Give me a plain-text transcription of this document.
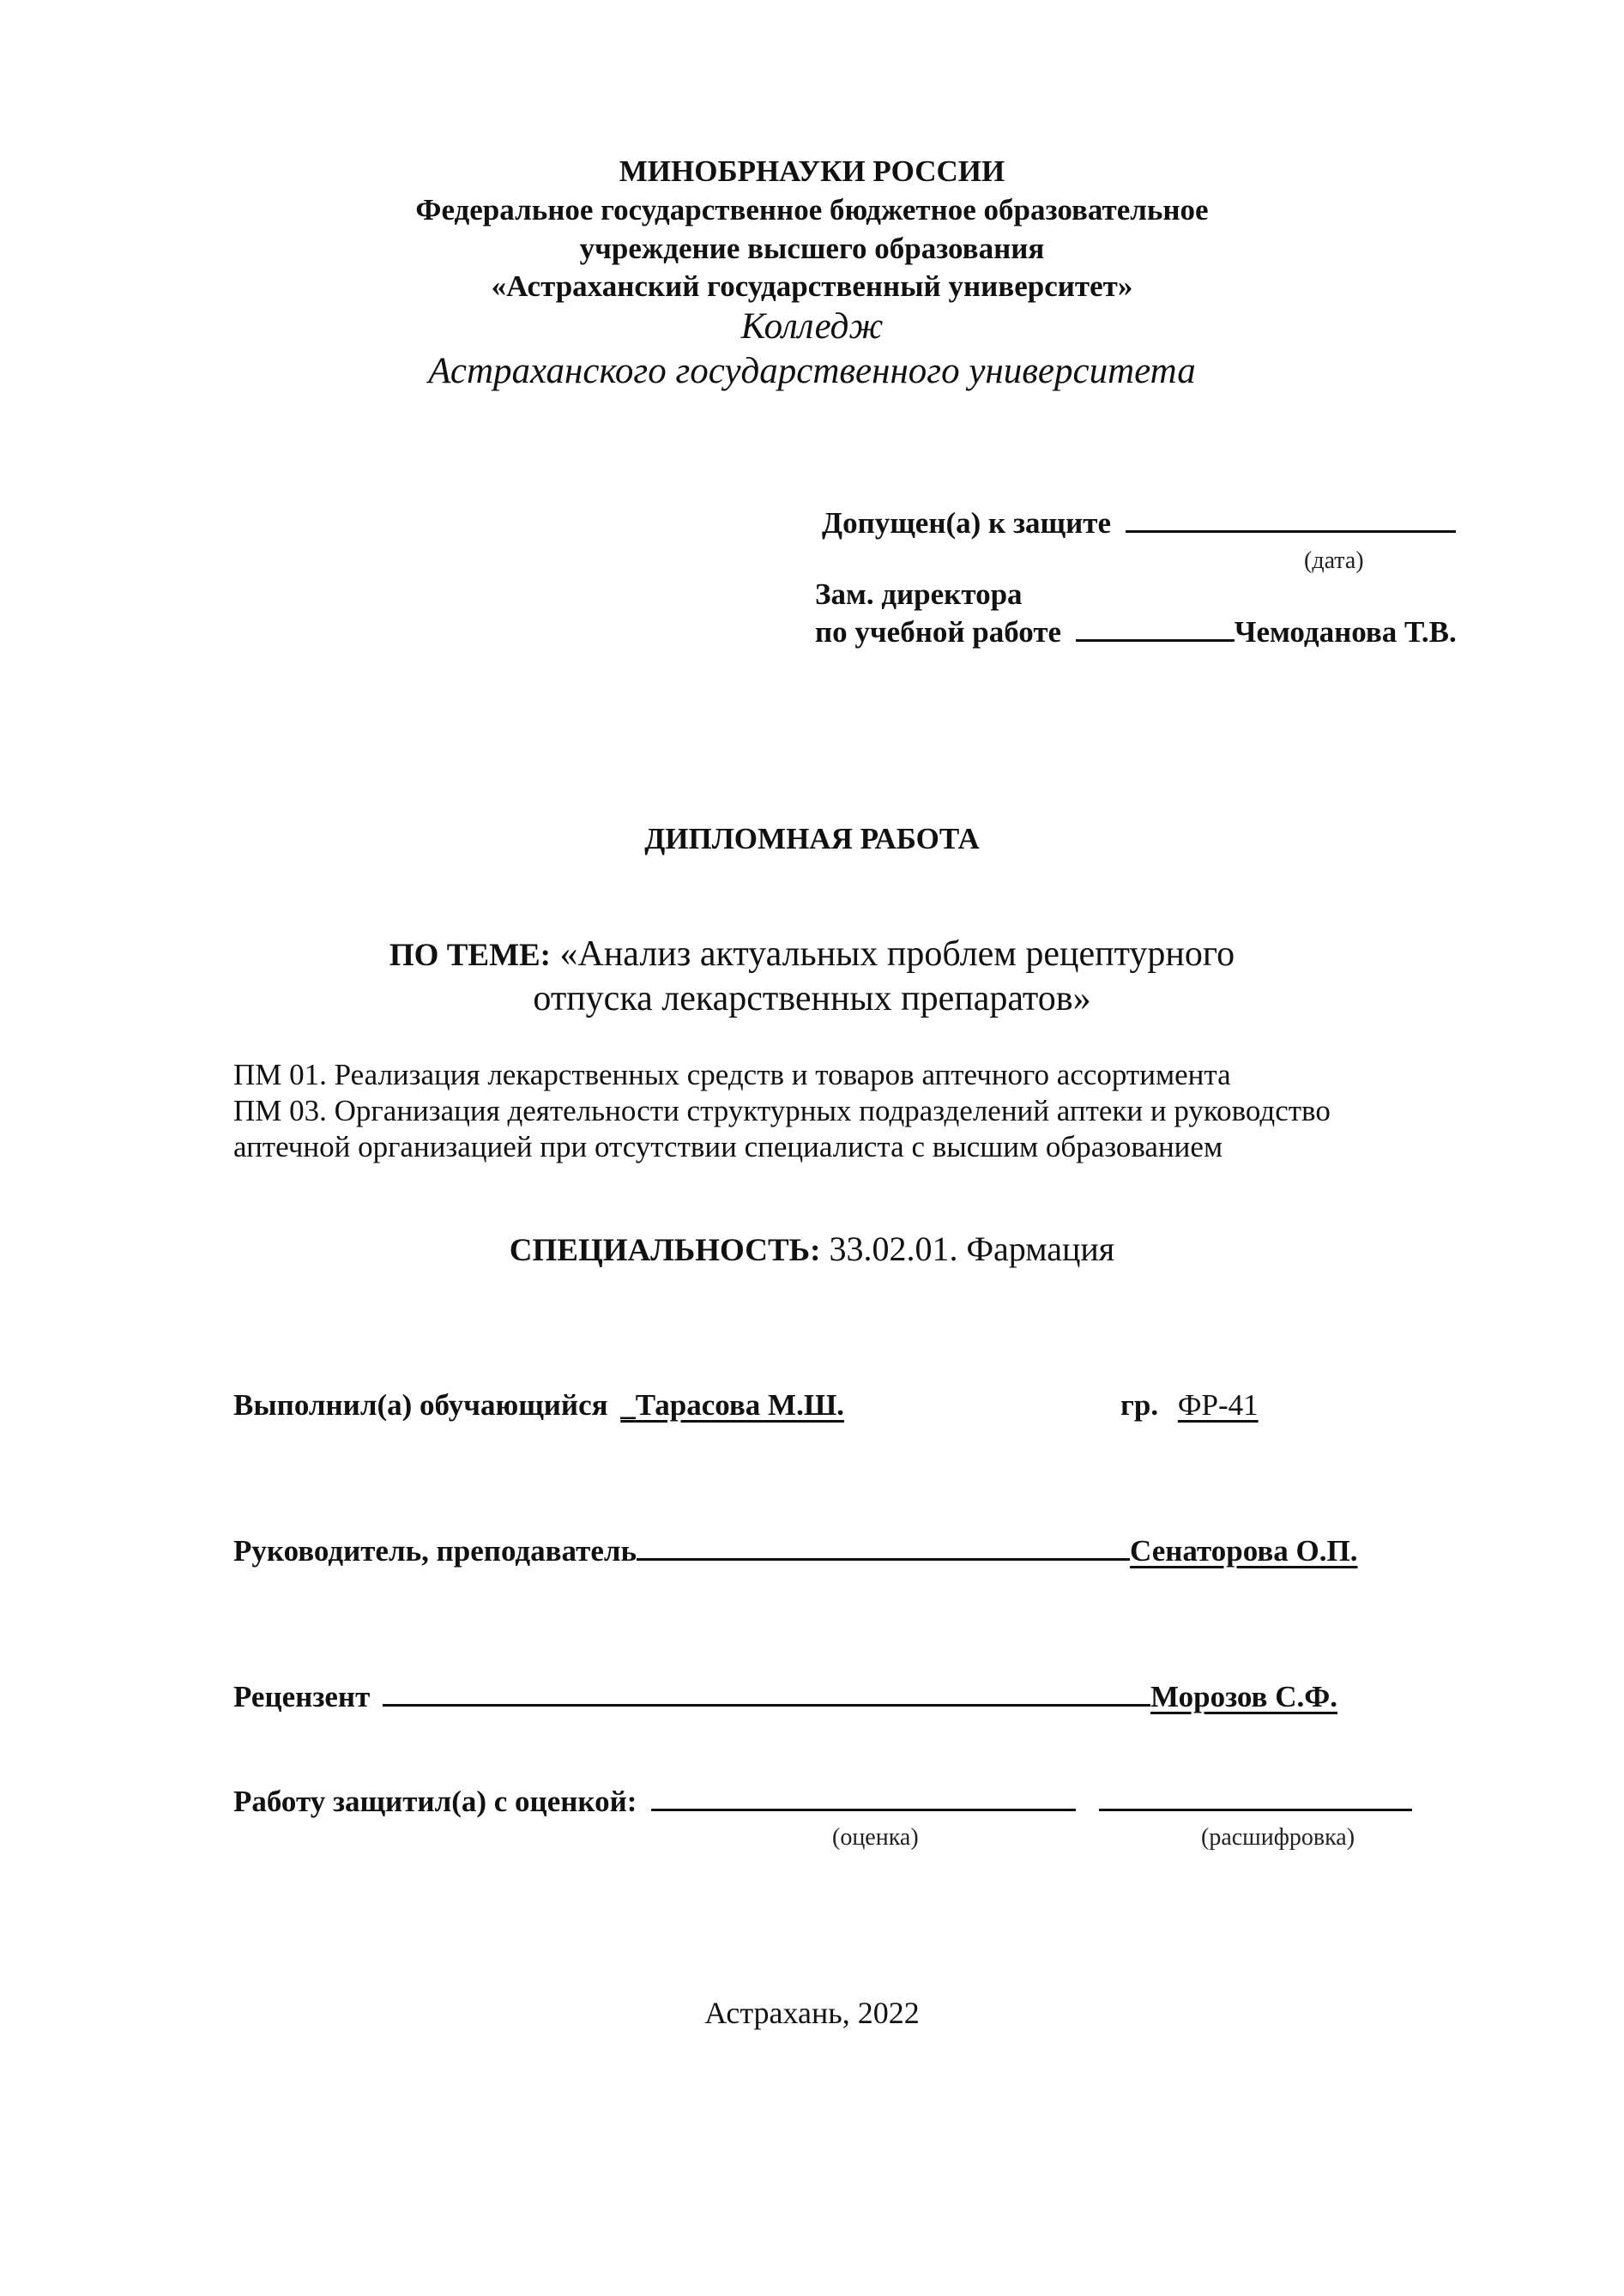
МИНОБРНАУКИ РОССИИ
Федеральное государственное бюджетное образовательное
учреждение высшего образования
«Астраханский государственный университет»
Колледж
Астраханского государственного университета
Допущен(а) к защите
(дата)
Зам. директора
по учебной работе	Чемоданова Т.В.
ДИПЛОМНАЯ РАБОТА
ПО ТЕМЕ: «Анализ актуальных проблем рецептурного
отпуска лекарственных препаратов»
ПМ 01. Реализация лекарственных средств и товаров аптечного ассортимента
ПМ 03. Организация деятельности структурных подразделений аптеки и руководство
аптечной организацией при отсутствии специалиста с высшим образованием
СПЕЦИАЛЬНОСТЬ: 33.02.01. Фармация
Выполнил(а) обучающийся _Тарасова М.Ш.	гр. ФР-41
Руководитель, преподаватель	Сенаторова О.П.
Рецензент	Морозов С.Ф.
Работу защитил(а) с оценкой:
(оценка)	(расшифровка)
Астрахань, 2022
